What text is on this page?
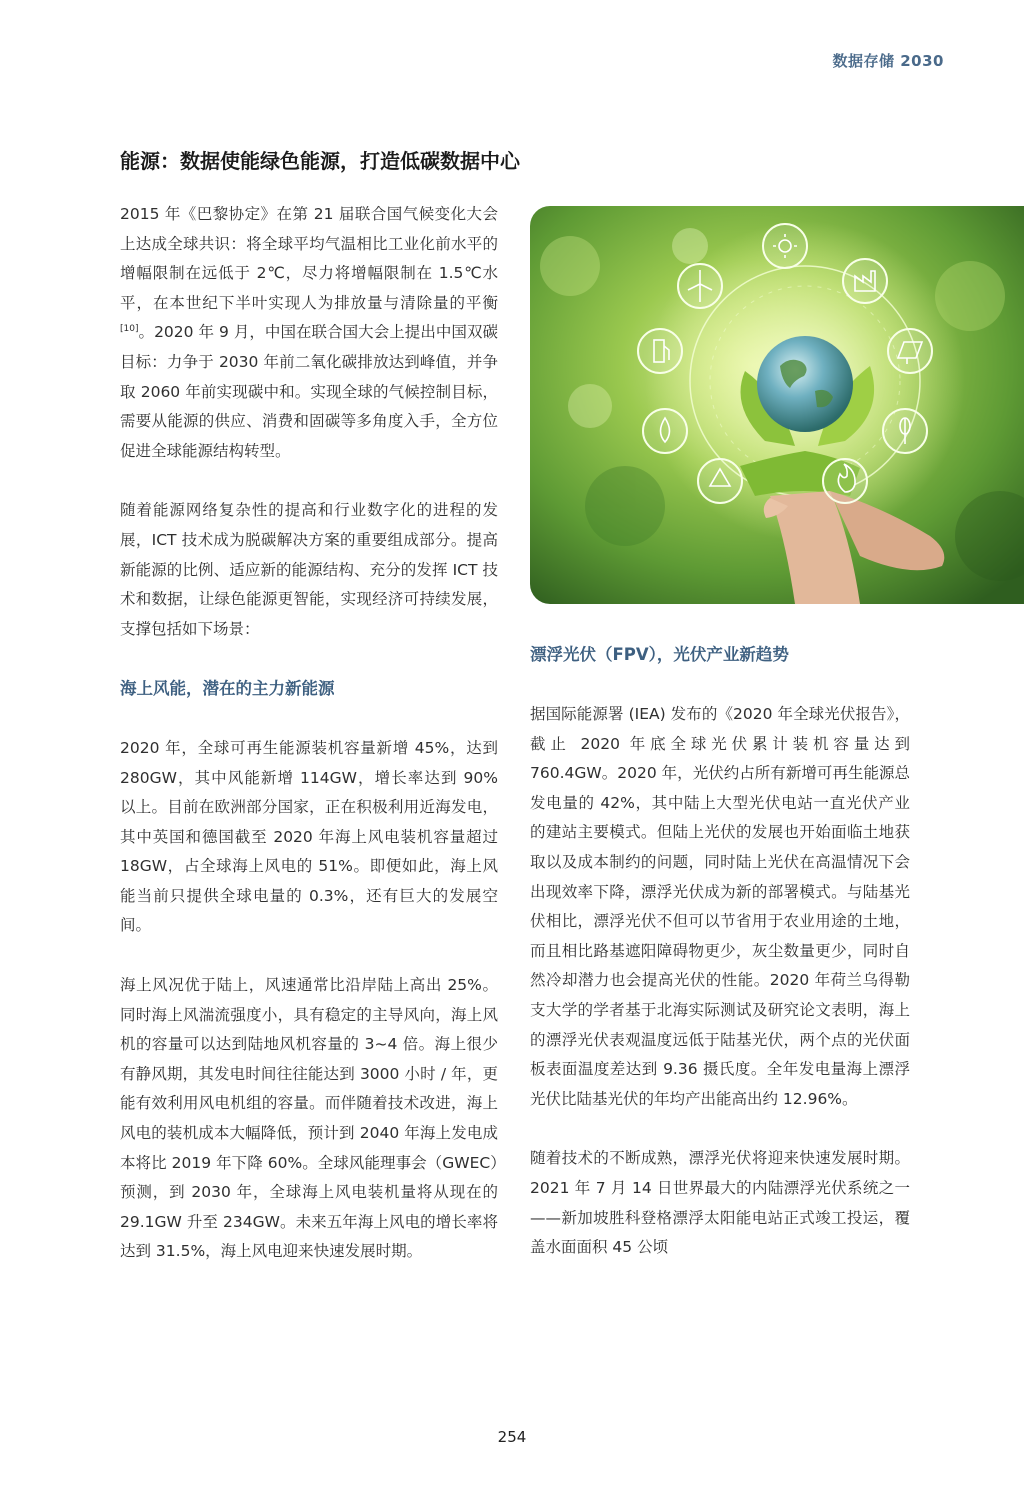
数据存储 2030
能源：数据使能绿色能源，打造低碳数据中心

2015 年《巴黎协定》在第 21 届联合国气候变化大会上达成全球共识：将全球平均气温相比工业化前水平的增幅限制在远低于 2℃，尽力将增幅限制在 1.5℃水平，在本世纪下半叶实现人为排放量与清除量的平衡[10]。2020 年 9 月，中国在联合国大会上提出中国双碳目标：力争于 2030 年前二氧化碳排放达到峰值，并争取 2060 年前实现碳中和。实现全球的气候控制目标，需要从能源的供应、消费和固碳等多角度入手，全方位促进全球能源结构转型。

随着能源网络复杂性的提高和行业数字化的进程的发展，ICT 技术成为脱碳解决方案的重要组成部分。提高新能源的比例、适应新的能源结构、充分的发挥 ICT 技术和数据，让绿色能源更智能，实现经济可持续发展，支撑包括如下场景：

海上风能，潜在的主力新能源

2020 年，全球可再生能源装机容量新增 45%，达到 280GW，其中风能新增 114GW，增长率达到 90% 以上。目前在欧洲部分国家，正在积极利用近海发电，其中英国和德国截至 2020 年海上风电装机容量超过 18GW，占全球海上风电的 51%。即便如此，海上风能当前只提供全球电量的 0.3%，还有巨大的发展空间。

海上风况优于陆上，风速通常比沿岸陆上高出 25%。同时海上风湍流强度小，具有稳定的主导风向，海上风机的容量可以达到陆地风机容量的 3~4 倍。海上很少有静风期，其发电时间往往能达到 3000 小时 / 年，更能有效利用风电机组的容量。而伴随着技术改进，海上风电的装机成本大幅降低，预计到 2040 年海上发电成本将比 2019 年下降 60%。全球风能理事会（GWEC）预测，到 2030 年，全球海上风电装机量将从现在的 29.1GW 升至 234GW。未来五年海上风电的增长率将达到 31.5%，海上风电迎来快速发展时期。

漂浮光伏（FPV），光伏产业新趋势

据国际能源署 (IEA) 发布的《2020 年全球光伏报告》，截止 2020 年底全球光伏累计装机容量达到 760.4GW。2020 年，光伏约占所有新增可再生能源总发电量的 42%，其中陆上大型光伏电站一直光伏产业的建站主要模式。但陆上光伏的发展也开始面临土地获取以及成本制约的问题，同时陆上光伏在高温情况下会出现效率下降，漂浮光伏成为新的部署模式。与陆基光伏相比，漂浮光伏不但可以节省用于农业用途的土地，而且相比路基遮阳障碍物更少，灰尘数量更少，同时自然冷却潜力也会提高光伏的性能。2020 年荷兰乌得勒支大学的学者基于北海实际测试及研究论文表明，海上的漂浮光伏表观温度远低于陆基光伏，两个点的光伏面板表面温度差达到 9.36 摄氏度。全年发电量海上漂浮光伏比陆基光伏的年均产出能高出约 12.96%。

随着技术的不断成熟，漂浮光伏将迎来快速发展时期。2021 年 7 月 14 日世界最大的内陆漂浮光伏系统之一——新加坡胜科登格漂浮太阳能电站正式竣工投运，覆盖水面面积 45 公顷

254
